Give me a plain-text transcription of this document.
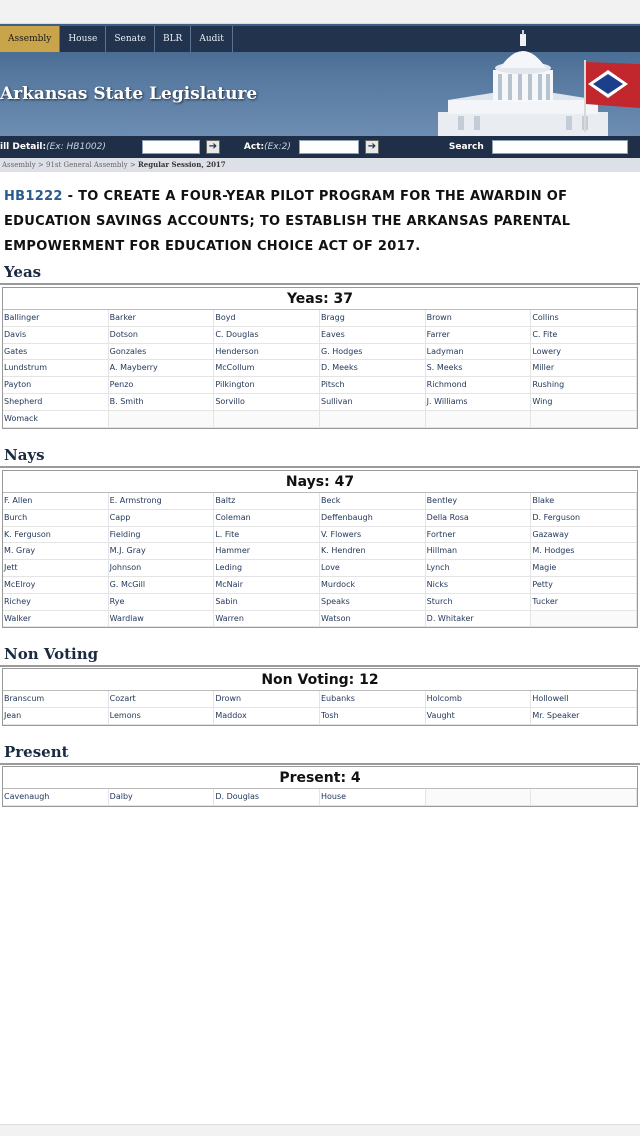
Assembly	House	Senate	BLR	Audit
Arkansas State Legislature
ill Detail:(Ex: HB1002)	➔	Act:(Ex:2)	➔	Search
Assembly > 91st General Assembly > Regular Session, 2017
HB1222 - TO CREATE A FOUR-YEAR PILOT PROGRAM FOR THE AWARDIN OF EDUCATION SAVINGS ACCOUNTS; TO ESTABLISH THE ARKANSAS PARENTAL EMPOWERMENT FOR EDUCATION CHOICE ACT OF 2017.
Yeas
Yeas: 37
Ballinger	Barker	Boyd	Bragg	Brown	Collins
Davis	Dotson	C. Douglas	Eaves	Farrer	C. Fite
Gates	Gonzales	Henderson	G. Hodges	Ladyman	Lowery
Lundstrum	A. Mayberry	McCollum	D. Meeks	S. Meeks	Miller
Payton	Penzo	Pilkington	Pitsch	Richmond	Rushing
Shepherd	B. Smith	Sorvillo	Sullivan	J. Williams	Wing
Womack
Nays
Nays: 47
F. Allen	E. Armstrong	Baltz	Beck	Bentley	Blake
Burch	Capp	Coleman	Deffenbaugh	Della Rosa	D. Ferguson
K. Ferguson	Fielding	L. Fite	V. Flowers	Fortner	Gazaway
M. Gray	M.J. Gray	Hammer	K. Hendren	Hillman	M. Hodges
Jett	Johnson	Leding	Love	Lynch	Magie
McElroy	G. McGill	McNair	Murdock	Nicks	Petty
Richey	Rye	Sabin	Speaks	Sturch	Tucker
Walker	Wardlaw	Warren	Watson	D. Whitaker
Non Voting
Non Voting: 12
Branscum	Cozart	Drown	Eubanks	Holcomb	Hollowell
Jean	Lemons	Maddox	Tosh	Vaught	Mr. Speaker
Present
Present: 4
Cavenaugh	Dalby	D. Douglas	House
